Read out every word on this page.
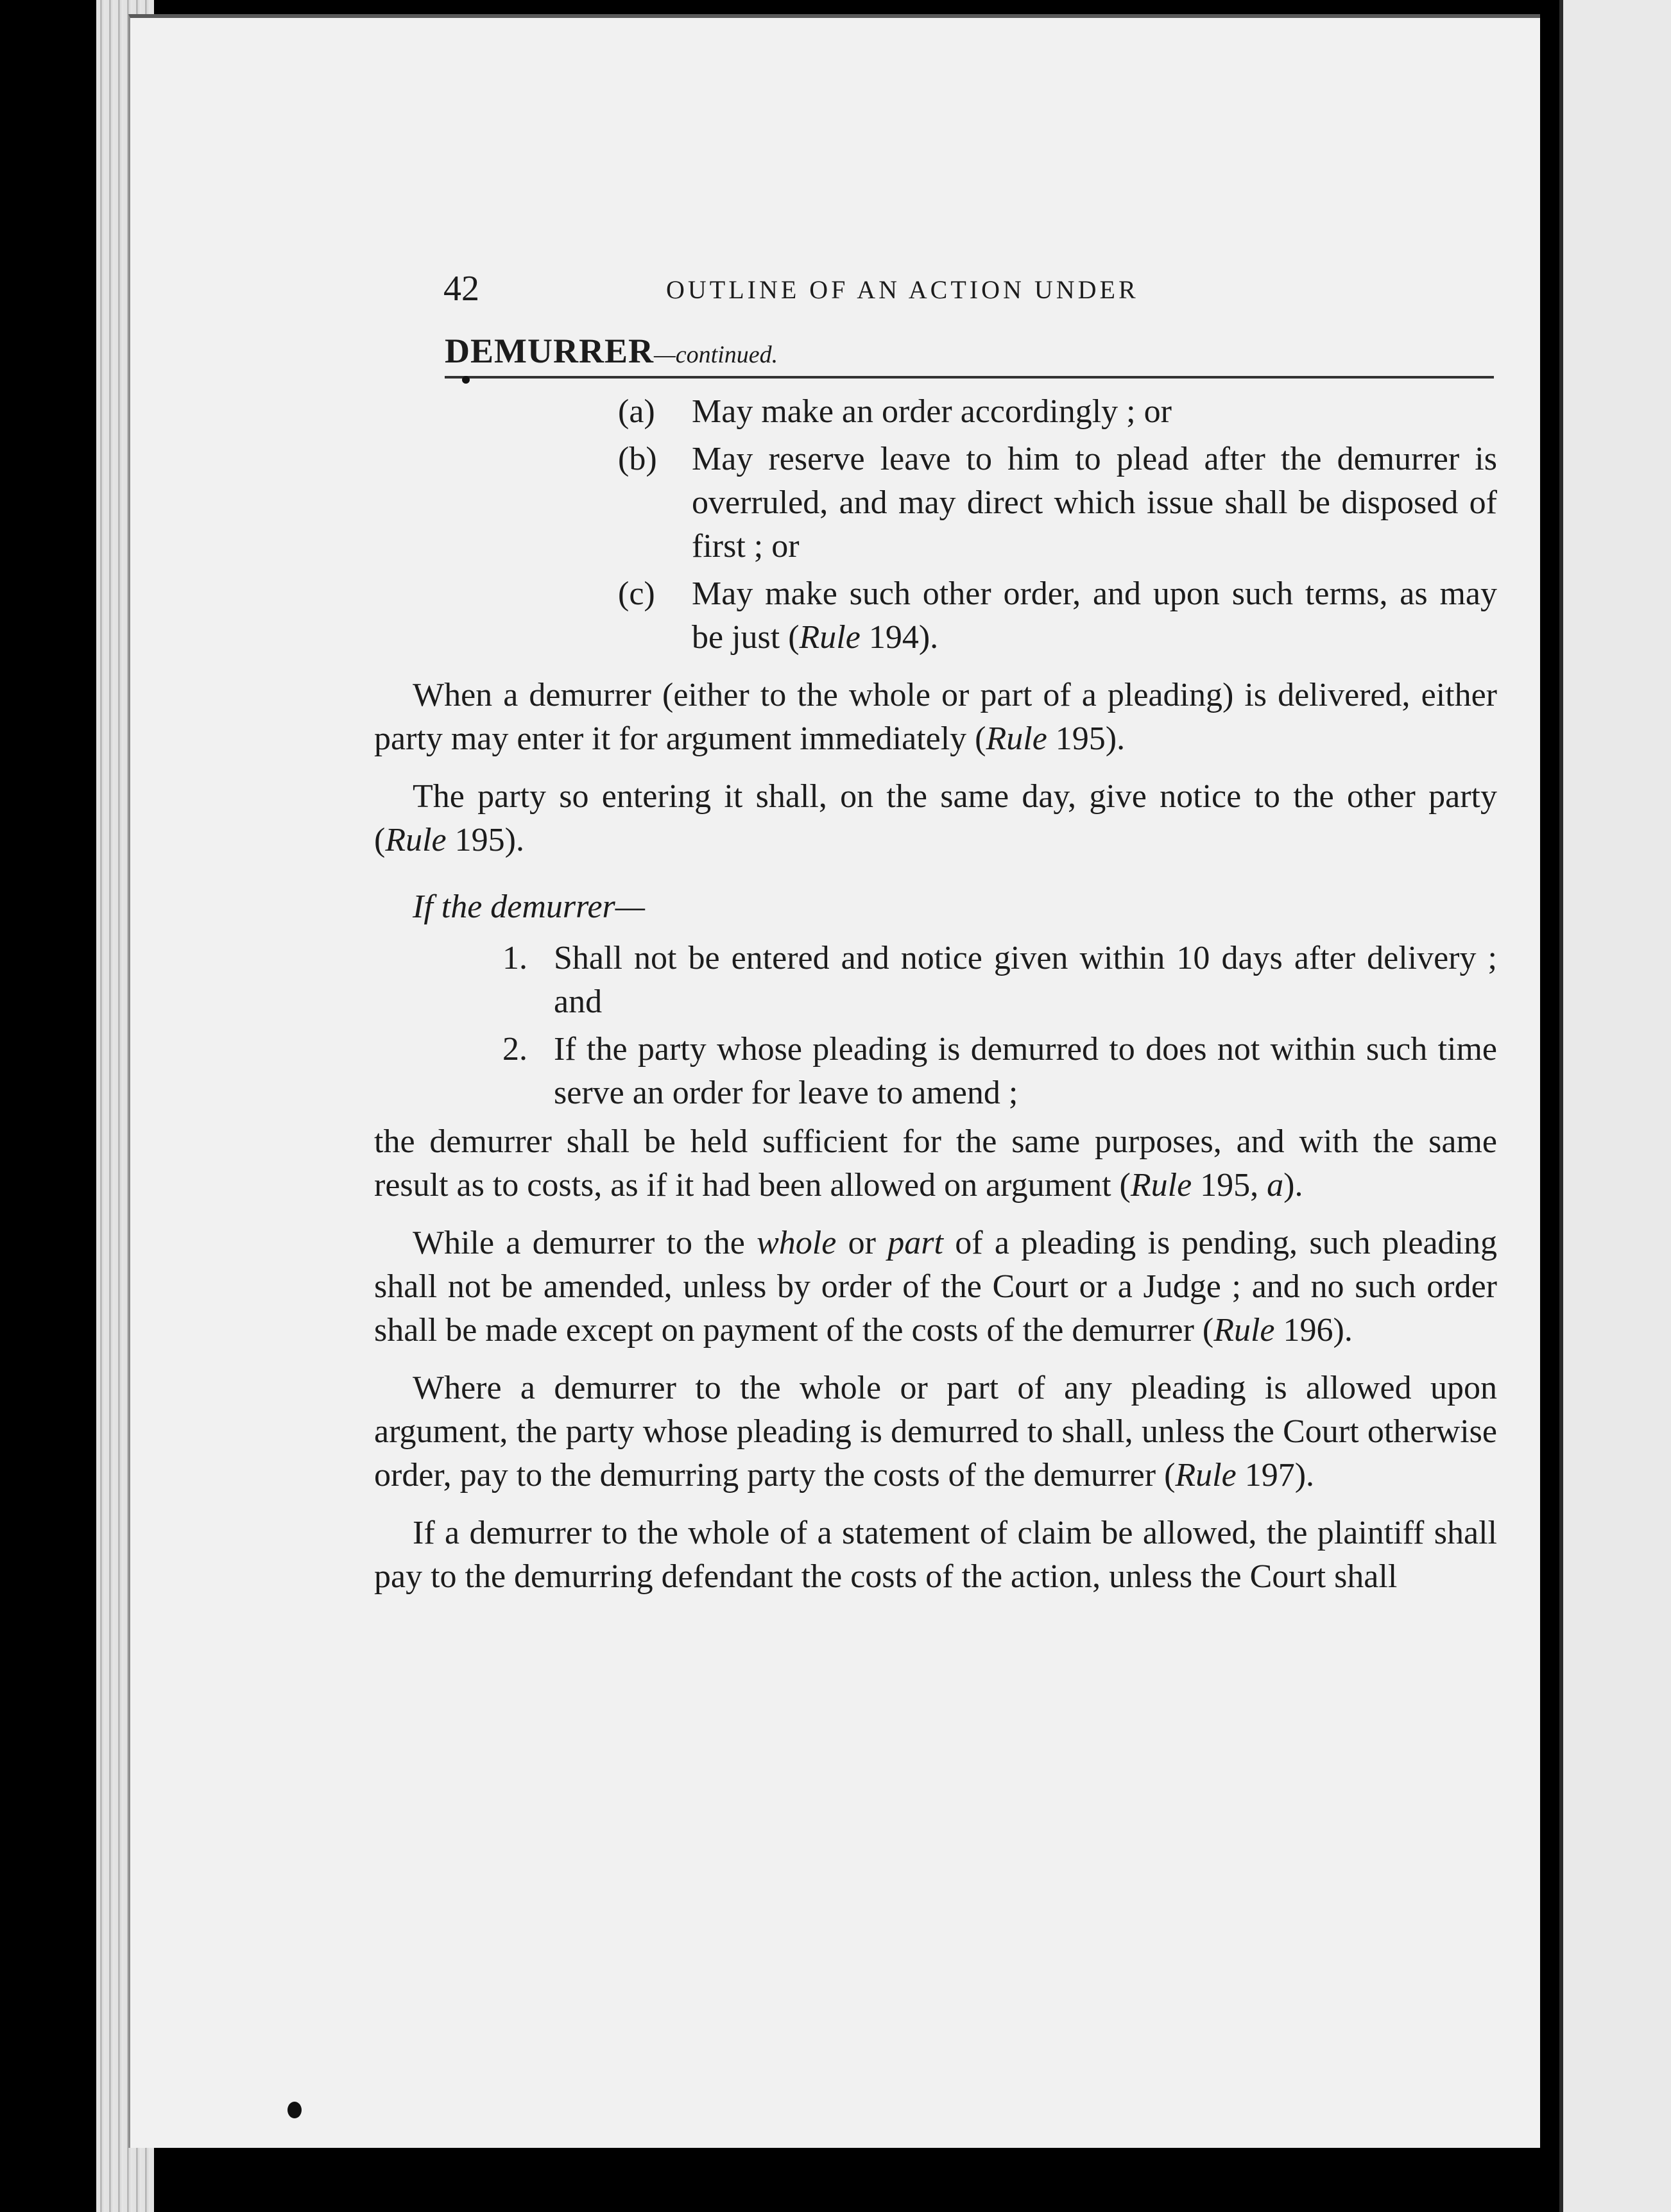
42	OUTLINE OF AN ACTION UNDER
DEMURRER—continued.
(a) May make an order accordingly ; or
(b) May reserve leave to him to plead after the demurrer is overruled, and may direct which issue shall be disposed of first ; or
(c) May make such other order, and upon such terms, as may be just (Rule 194).

When a demurrer (either to the whole or part of a pleading) is delivered, either party may enter it for argument immediately (Rule 195).

The party so entering it shall, on the same day, give notice to the other party (Rule 195).

If the demurrer—
1. Shall not be entered and notice given within 10 days after delivery ; and
2. If the party whose pleading is demurred to does not within such time serve an order for leave to amend ;

the demurrer shall be held sufficient for the same purposes, and with the same result as to costs, as if it had been allowed on argument (Rule 195, a).

While a demurrer to the whole or part of a pleading is pending, such pleading shall not be amended, unless by order of the Court or a Judge ; and no such order shall be made except on payment of the costs of the demurrer (Rule 196).

Where a demurrer to the whole or part of any pleading is allowed upon argument, the party whose pleading is demurred to shall, unless the Court otherwise order, pay to the demurring party the costs of the demurrer (Rule 197).

If a demurrer to the whole of a statement of claim be allowed, the plaintiff shall pay to the demurring defendant the costs of the action, unless the Court shall
